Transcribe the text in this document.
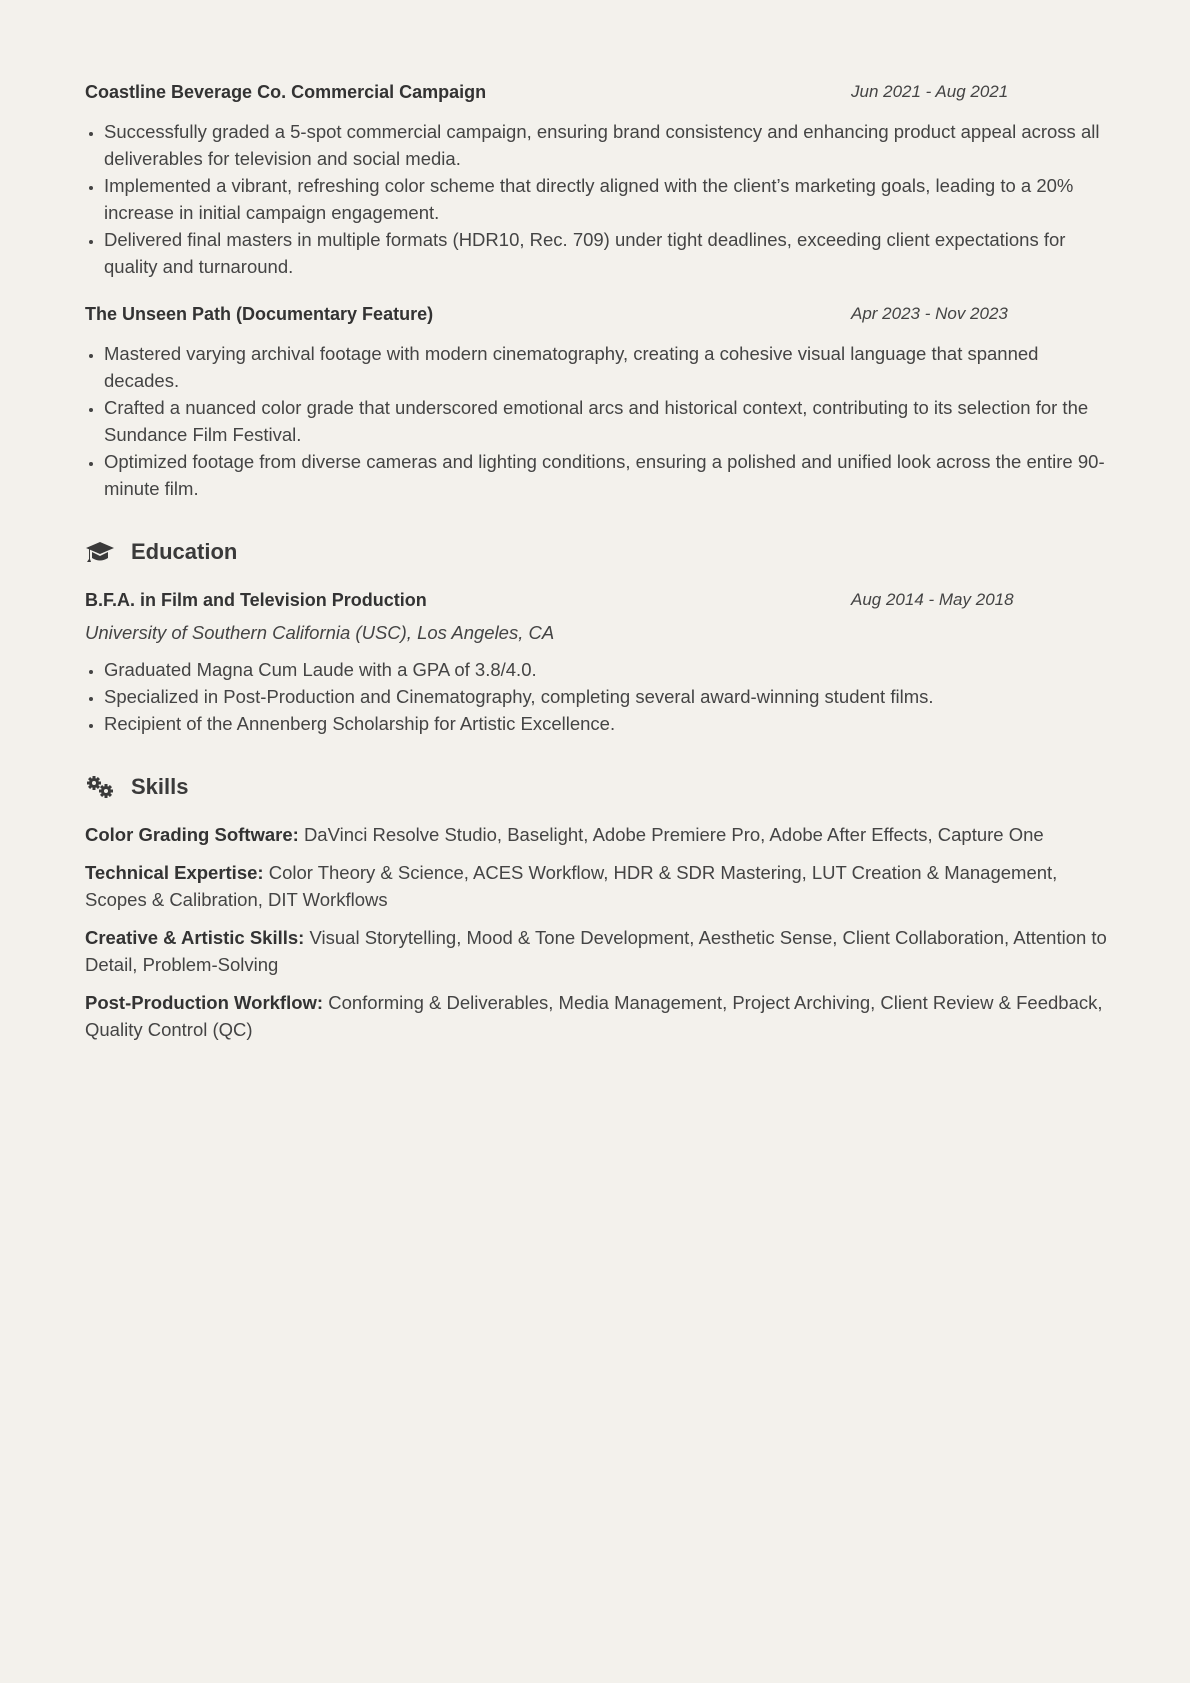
Coastline Beverage Co. Commercial Campaign	Jun 2021 - Aug 2021
• Successfully graded a 5-spot commercial campaign, ensuring brand consistency and enhancing product appeal across all deliverables for television and social media.
• Implemented a vibrant, refreshing color scheme that directly aligned with the client’s marketing goals, leading to a 20% increase in initial campaign engagement.
• Delivered final masters in multiple formats (HDR10, Rec. 709) under tight deadlines, exceeding client expectations for quality and turnaround.
The Unseen Path (Documentary Feature)	Apr 2023 - Nov 2023
• Mastered varying archival footage with modern cinematography, creating a cohesive visual language that spanned decades.
• Crafted a nuanced color grade that underscored emotional arcs and historical context, contributing to its selection for the Sundance Film Festival.
• Optimized footage from diverse cameras and lighting conditions, ensuring a polished and unified look across the entire 90-minute film.
Education
B.F.A. in Film and Television Production	Aug 2014 - May 2018
University of Southern California (USC), Los Angeles, CA
• Graduated Magna Cum Laude with a GPA of 3.8/4.0.
• Specialized in Post-Production and Cinematography, completing several award-winning student films.
• Recipient of the Annenberg Scholarship for Artistic Excellence.
Skills
Color Grading Software: DaVinci Resolve Studio, Baselight, Adobe Premiere Pro, Adobe After Effects, Capture One
Technical Expertise: Color Theory & Science, ACES Workflow, HDR & SDR Mastering, LUT Creation & Management, Scopes & Calibration, DIT Workflows
Creative & Artistic Skills: Visual Storytelling, Mood & Tone Development, Aesthetic Sense, Client Collaboration, Attention to Detail, Problem-Solving
Post-Production Workflow: Conforming & Deliverables, Media Management, Project Archiving, Client Review & Feedback, Quality Control (QC)
